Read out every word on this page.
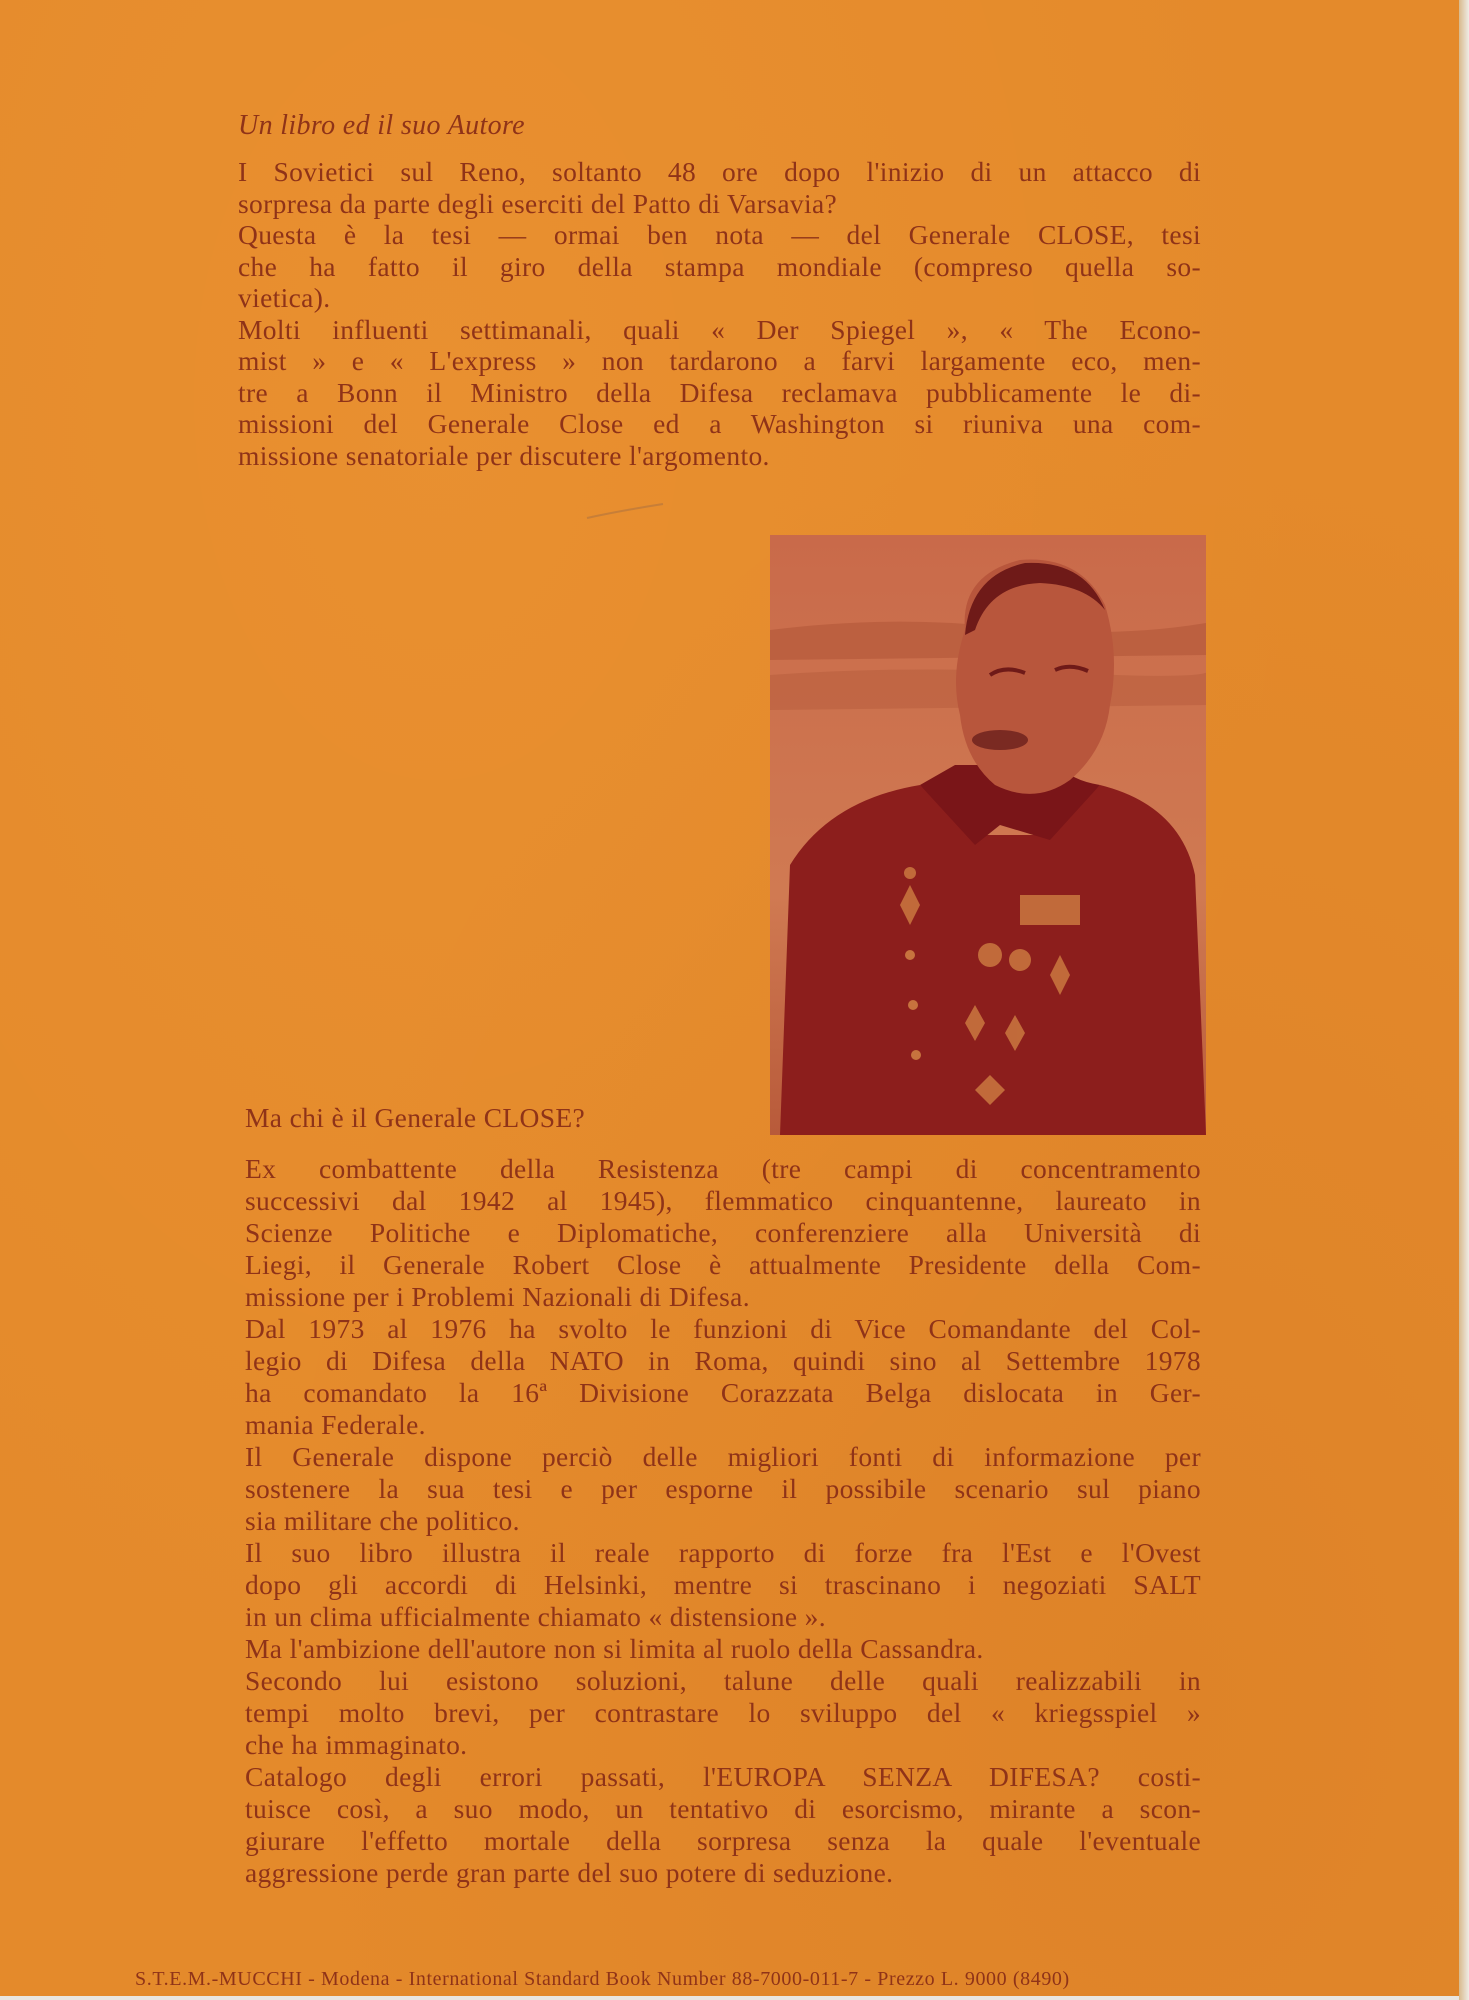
Un libro ed il suo Autore
I Sovietici sul Reno, soltanto 48 ore dopo l'inizio di un attacco di
sorpresa da parte degli eserciti del Patto di Varsavia?
Questa è la tesi — ormai ben nota — del Generale CLOSE, tesi
che ha fatto il giro della stampa mondiale (compreso quella so-
vietica).
Molti influenti settimanali, quali « Der Spiegel », « The Econo-
mist » e « L'express » non tardarono a farvi largamente eco, men-
tre a Bonn il Ministro della Difesa reclamava pubblicamente le di-
missioni del Generale Close ed a Washington si riuniva una com-
missione senatoriale per discutere l'argomento.
Ma chi è il Generale CLOSE?
Ex combattente della Resistenza (tre campi di concentramento
successivi dal 1942 al 1945), flemmatico cinquantenne, laureato in
Scienze Politiche e Diplomatiche, conferenziere alla Università di
Liegi, il Generale Robert Close è attualmente Presidente della Com-
missione per i Problemi Nazionali di Difesa.
Dal 1973 al 1976 ha svolto le funzioni di Vice Comandante del Col-
legio di Difesa della NATO in Roma, quindi sino al Settembre 1978
ha comandato la 16ª Divisione Corazzata Belga dislocata in Ger-
mania Federale.
Il Generale dispone perciò delle migliori fonti di informazione per
sostenere la sua tesi e per esporne il possibile scenario sul piano
sia militare che politico.
Il suo libro illustra il reale rapporto di forze fra l'Est e l'Ovest
dopo gli accordi di Helsinki, mentre si trascinano i negoziati SALT
in un clima ufficialmente chiamato « distensione ».
Ma l'ambizione dell'autore non si limita al ruolo della Cassandra.
Secondo lui esistono soluzioni, talune delle quali realizzabili in
tempi molto brevi, per contrastare lo sviluppo del « kriegsspiel »
che ha immaginato.
Catalogo degli errori passati, l'EUROPA SENZA DIFESA? costi-
tuisce così, a suo modo, un tentativo di esorcismo, mirante a scon-
giurare l'effetto mortale della sorpresa senza la quale l'eventuale
aggressione perde gran parte del suo potere di seduzione.
S.T.E.M.-MUCCHI - Modena - International Standard Book Number 88-7000-011-7 - Prezzo L. 9000 (8490)
